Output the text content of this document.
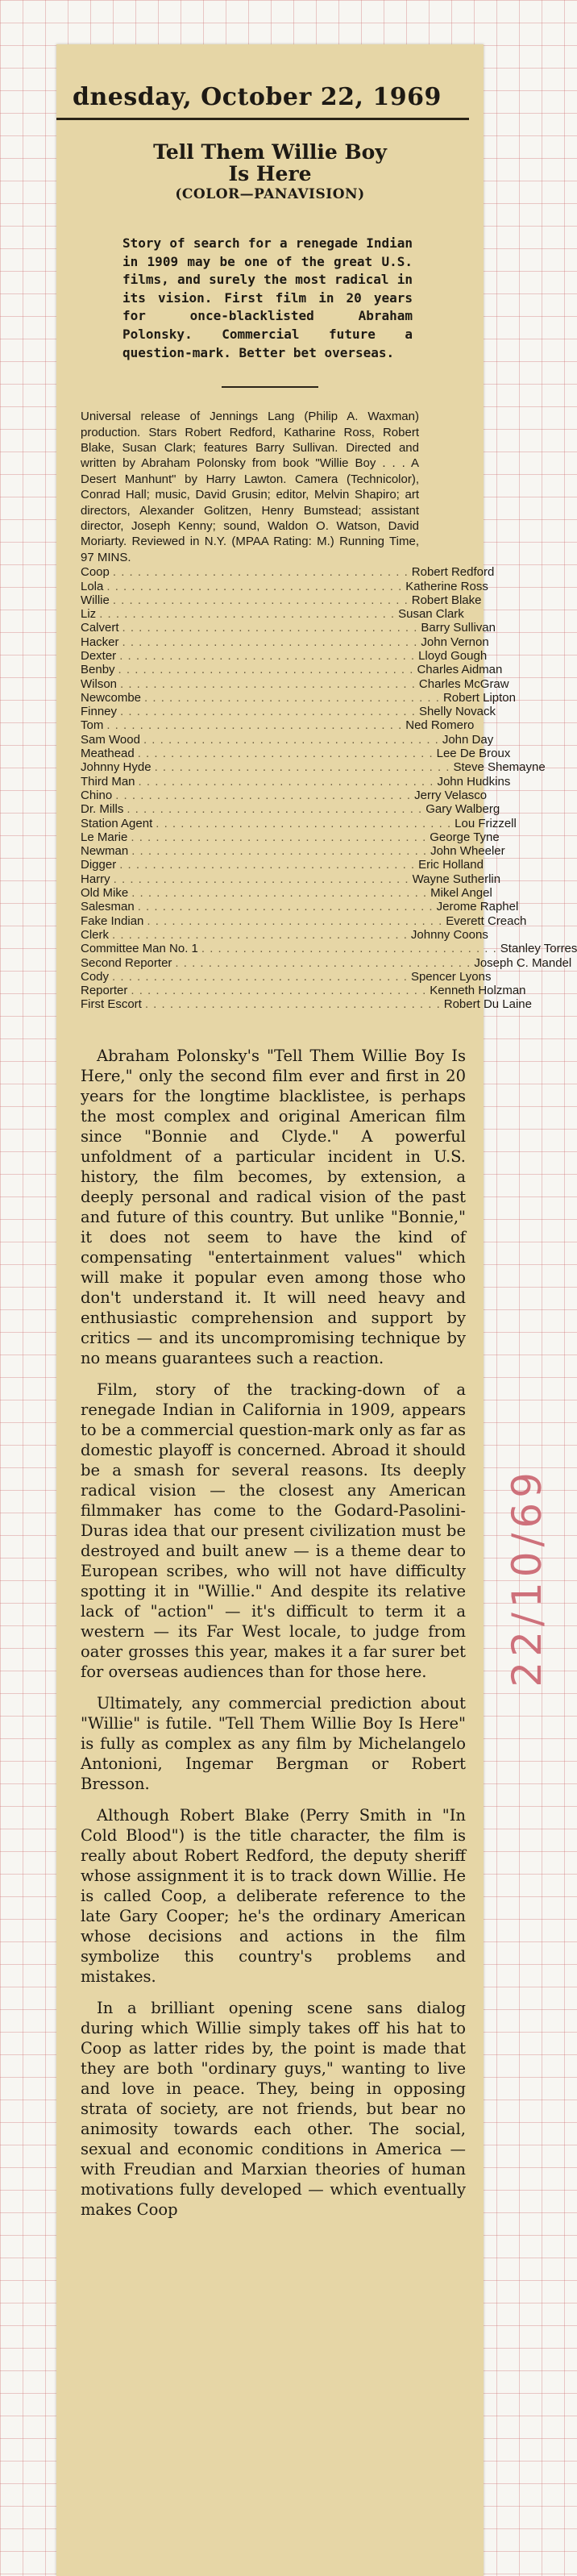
dnesday, October 22, 1969
Tell Them Willie Boy
Is Here
(COLOR—PANAVISION)
Story of search for a renegade Indian in 1909 may be one of the great U.S. films, and surely the most radical in its vision. First film in 20 years for once-blacklisted Abraham Polonsky. Commercial future a question-mark. Better bet overseas.
Universal release of Jennings Lang (Philip A. Waxman) production. Stars Robert Redford, Katharine Ross, Robert Blake, Susan Clark; features Barry Sullivan. Directed and written by Abraham Polonsky from book "Willie Boy . . . A Desert Manhunt" by Harry Lawton. Camera (Technicolor), Conrad Hall; music, David Grusin; editor, Melvin Shapiro; art directors, Alexander Golitzen, Henry Bumstead; assistant director, Joseph Kenny; sound, Waldon O. Watson, David Moriarty. Reviewed in N.Y. (MPAA Rating: M.) Running Time, 97 MINS.
Coop . . . . . . . . . . . . . . . . . . . . . . . . . . . . . . . . . . . . Robert Redford
Lola . . . . . . . . . . . . . . . . . . . . . . . . . . . . . . . . . . . . Katherine Ross
Willie . . . . . . . . . . . . . . . . . . . . . . . . . . . . . . . . . . . . Robert Blake
Liz . . . . . . . . . . . . . . . . . . . . . . . . . . . . . . . . . . . . Susan Clark
Calvert . . . . . . . . . . . . . . . . . . . . . . . . . . . . . . . . . . . . Barry Sullivan
Hacker . . . . . . . . . . . . . . . . . . . . . . . . . . . . . . . . . . . . John Vernon
Dexter . . . . . . . . . . . . . . . . . . . . . . . . . . . . . . . . . . . . Lloyd Gough
Benby . . . . . . . . . . . . . . . . . . . . . . . . . . . . . . . . . . . . Charles Aidman
Wilson . . . . . . . . . . . . . . . . . . . . . . . . . . . . . . . . . . . . Charles McGraw
Newcombe . . . . . . . . . . . . . . . . . . . . . . . . . . . . . . . . . . . . Robert Lipton
Finney . . . . . . . . . . . . . . . . . . . . . . . . . . . . . . . . . . . . Shelly Novack
Tom . . . . . . . . . . . . . . . . . . . . . . . . . . . . . . . . . . . . Ned Romero
Sam Wood . . . . . . . . . . . . . . . . . . . . . . . . . . . . . . . . . . . . John Day
Meathead . . . . . . . . . . . . . . . . . . . . . . . . . . . . . . . . . . . . Lee De Broux
Johnny Hyde . . . . . . . . . . . . . . . . . . . . . . . . . . . . . . . . . . . . Steve Shemayne
Third Man . . . . . . . . . . . . . . . . . . . . . . . . . . . . . . . . . . . . John Hudkins
Chino . . . . . . . . . . . . . . . . . . . . . . . . . . . . . . . . . . . . Jerry Velasco
Dr. Mills . . . . . . . . . . . . . . . . . . . . . . . . . . . . . . . . . . . . Gary Walberg
Station Agent . . . . . . . . . . . . . . . . . . . . . . . . . . . . . . . . . . . . Lou Frizzell
Le Marie . . . . . . . . . . . . . . . . . . . . . . . . . . . . . . . . . . . . George Tyne
Newman . . . . . . . . . . . . . . . . . . . . . . . . . . . . . . . . . . . . John Wheeler
Digger . . . . . . . . . . . . . . . . . . . . . . . . . . . . . . . . . . . . Eric Holland
Harry . . . . . . . . . . . . . . . . . . . . . . . . . . . . . . . . . . . . Wayne Sutherlin
Old Mike . . . . . . . . . . . . . . . . . . . . . . . . . . . . . . . . . . . . Mikel Angel
Salesman . . . . . . . . . . . . . . . . . . . . . . . . . . . . . . . . . . . . Jerome Raphel
Fake Indian . . . . . . . . . . . . . . . . . . . . . . . . . . . . . . . . . . . . Everett Creach
Clerk . . . . . . . . . . . . . . . . . . . . . . . . . . . . . . . . . . . . Johnny Coons
Committee Man No. 1 . . . . . . . . . . . . . . . . . . . . . . . . . . . . . . . . . . . . Stanley Torres
Second Reporter . . . . . . . . . . . . . . . . . . . . . . . . . . . . . . . . . . . . Joseph C. Mandel
Cody . . . . . . . . . . . . . . . . . . . . . . . . . . . . . . . . . . . . Spencer Lyons
Reporter . . . . . . . . . . . . . . . . . . . . . . . . . . . . . . . . . . . . Kenneth Holzman
First Escort . . . . . . . . . . . . . . . . . . . . . . . . . . . . . . . . . . . . Robert Du Laine

Abraham Polonsky's "Tell Them Willie Boy Is Here," only the second film ever and first in 20 years for the longtime blacklistee, is perhaps the most complex and original American film since "Bonnie and Clyde." A powerful unfoldment of a particular incident in U.S. history, the film becomes, by extension, a deeply personal and radical vision of the past and future of this country. But unlike "Bonnie," it does not seem to have the kind of compensating "entertainment values" which will make it popular even among those who don't understand it. It will need heavy and enthusiastic comprehension and support by critics — and its uncompromising technique by no means guarantees such a reaction.

Film, story of the tracking-down of a renegade Indian in California in 1909, appears to be a commercial question-mark only as far as domestic playoff is concerned. Abroad it should be a smash for several reasons. Its deeply radical vision — the closest any American filmmaker has come to the Godard-Pasolini-Duras idea that our present civilization must be destroyed and built anew — is a theme dear to European scribes, who will not have difficulty spotting it in "Willie." And despite its relative lack of "action" — it's difficult to term it a western — its Far West locale, to judge from oater grosses this year, makes it a far surer bet for overseas audiences than for those here.

Ultimately, any commercial prediction about "Willie" is futile. "Tell Them Willie Boy Is Here" is fully as complex as any film by Michelangelo Antonioni, Ingemar Bergman or Robert Bresson.

Although Robert Blake (Perry Smith in "In Cold Blood") is the title character, the film is really about Robert Redford, the deputy sheriff whose assignment it is to track down Willie. He is called Coop, a deliberate reference to the late Gary Cooper; he's the ordinary American whose decisions and actions in the film symbolize this country's problems and mistakes.

In a brilliant opening scene sans dialog during which Willie simply takes off his hat to Coop as latter rides by, the point is made that they are both "ordinary guys," wanting to live and love in peace. They, being in opposing strata of society, are not friends, but bear no animosity towards each other. The social, sexual and economic conditions in America — with Freudian and Marxian theories of human motivations fully developed — which eventually makes Coop

22/10/69
